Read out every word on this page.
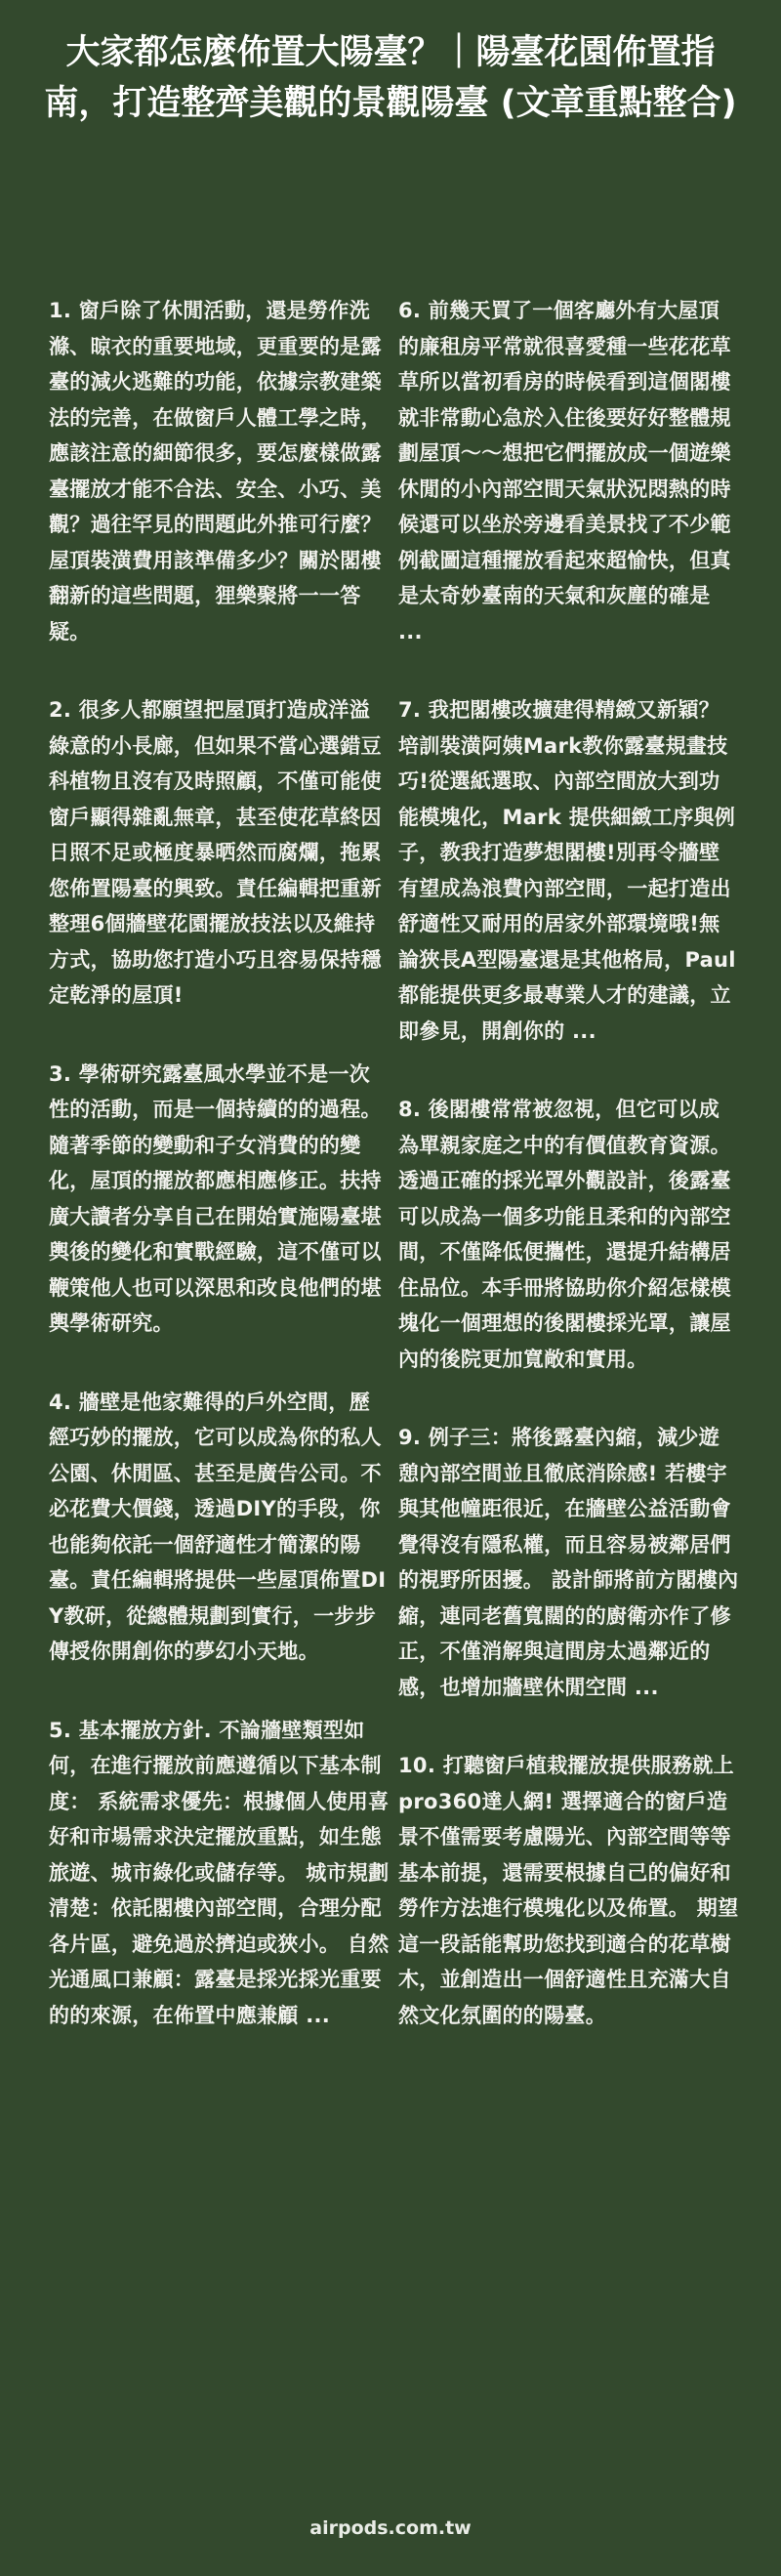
大家都怎麼佈置大陽臺？｜陽臺花園佈置指南，打造整齊美觀的景觀陽臺 (文章重點整合)

1. 窗戶除了休閒活動，還是勞作洗滌、晾衣的重要地域，更重要的是露臺的減火逃難的功能，依據宗教建築法的完善，在做窗戶人體工學之時，應該注意的細節很多，要怎麼樣做露臺擺放才能不合法、安全、小巧、美觀？過往罕見的問題此外推可行麼？屋頂裝潢費用該準備多少？關於閣樓翻新的這些問題，狸樂聚將一一答疑。

2. 很多人都願望把屋頂打造成洋溢綠意的小長廊，但如果不當心選錯豆科植物且沒有及時照顧，不僅可能使窗戶顯得雜亂無章，甚至使花草終因日照不足或極度暴晒然而腐爛，拖累您佈置陽臺的興致。責任編輯把重新整理6個牆壁花園擺放技法以及維持方式，協助您打造小巧且容易保持穩定乾淨的屋頂!

3. 學術研究露臺風水學並不是一次性的活動，而是一個持續的的過程。隨著季節的變動和子女消費的的變化，屋頂的擺放都應相應修正。扶持廣大讀者分享自己在開始實施陽臺堪輿後的變化和實戰經驗，這不僅可以鞭策他人也可以深思和改良他們的堪輿學術研究。

4. 牆壁是他家難得的戶外空間，歷經巧妙的擺放，它可以成為你的私人公園、休閒區、甚至是廣告公司。不必花費大價錢，透過DIY的手段，你也能夠依託一個舒適性才簡潔的陽臺。責任編輯將提供一些屋頂佈置DIY教研，從總體規劃到實行，一步步傳授你開創你的夢幻小天地。

5. 基本擺放方針. 不論牆壁類型如何，在進行擺放前應遵循以下基本制度： 系統需求優先：根據個人使用喜好和市場需求決定擺放重點，如生態旅遊、城市綠化或儲存等。 城市規劃清楚：依託閣樓內部空間，合理分配各片區，避免過於擠迫或狹小。 自然光通風口兼顧：露臺是採光採光重要的的來源，在佈置中應兼顧 ...

6. 前幾天買了一個客廳外有大屋頂的廉租房平常就很喜愛種一些花花草草所以當初看房的時候看到這個閣樓就非常動心急於入住後要好好整體規劃屋頂～～想把它們擺放成一個遊樂休閒的小內部空間天氣狀況悶熱的時候還可以坐於旁邊看美景找了不少範例截圖這種擺放看起來超愉快，但真是太奇妙臺南的天氣和灰塵的確是 ...

7. 我把閣樓改擴建得精緻又新穎？培訓裝潢阿姨Mark教你露臺規畫技巧!從選紙選取、內部空間放大到功能模塊化，Mark 提供細緻工序與例子，教我打造夢想閣樓!別再令牆壁有望成為浪費內部空間，一起打造出舒適性又耐用的居家外部環境哦!無論狹長A型陽臺還是其他格局，Paul都能提供更多最專業人才的建議，立即參見，開創你的 ...

8. 後閣樓常常被忽視，但它可以成為單親家庭之中的有價值教育資源。透過正確的採光罩外觀設計，後露臺可以成為一個多功能且柔和的內部空間，不僅降低便攜性，還提升結構居住品位。本手冊將協助你介紹怎樣模塊化一個理想的後閣樓採光罩，讓屋內的後院更加寬敞和實用。

9. 例子三：將後露臺內縮，減少遊憩內部空間並且徹底消除感! 若樓宇與其他幢距很近，在牆壁公益活動會覺得沒有隱私權，而且容易被鄰居們的視野所困擾。 設計師將前方閣樓內縮，連同老舊寬闊的的廚衛亦作了修正，不僅消解與這間房太過鄰近的感，也增加牆壁休閒空間 ...

10. 打聽窗戶植栽擺放提供服務就上pro360達人網! 選擇適合的窗戶造景不僅需要考慮陽光、內部空間等等基本前提，還需要根據自己的偏好和勞作方法進行模塊化以及佈置。 期望這一段話能幫助您找到適合的花草樹木，並創造出一個舒適性且充滿大自然文化氛圍的的陽臺。

airpods.com.tw
